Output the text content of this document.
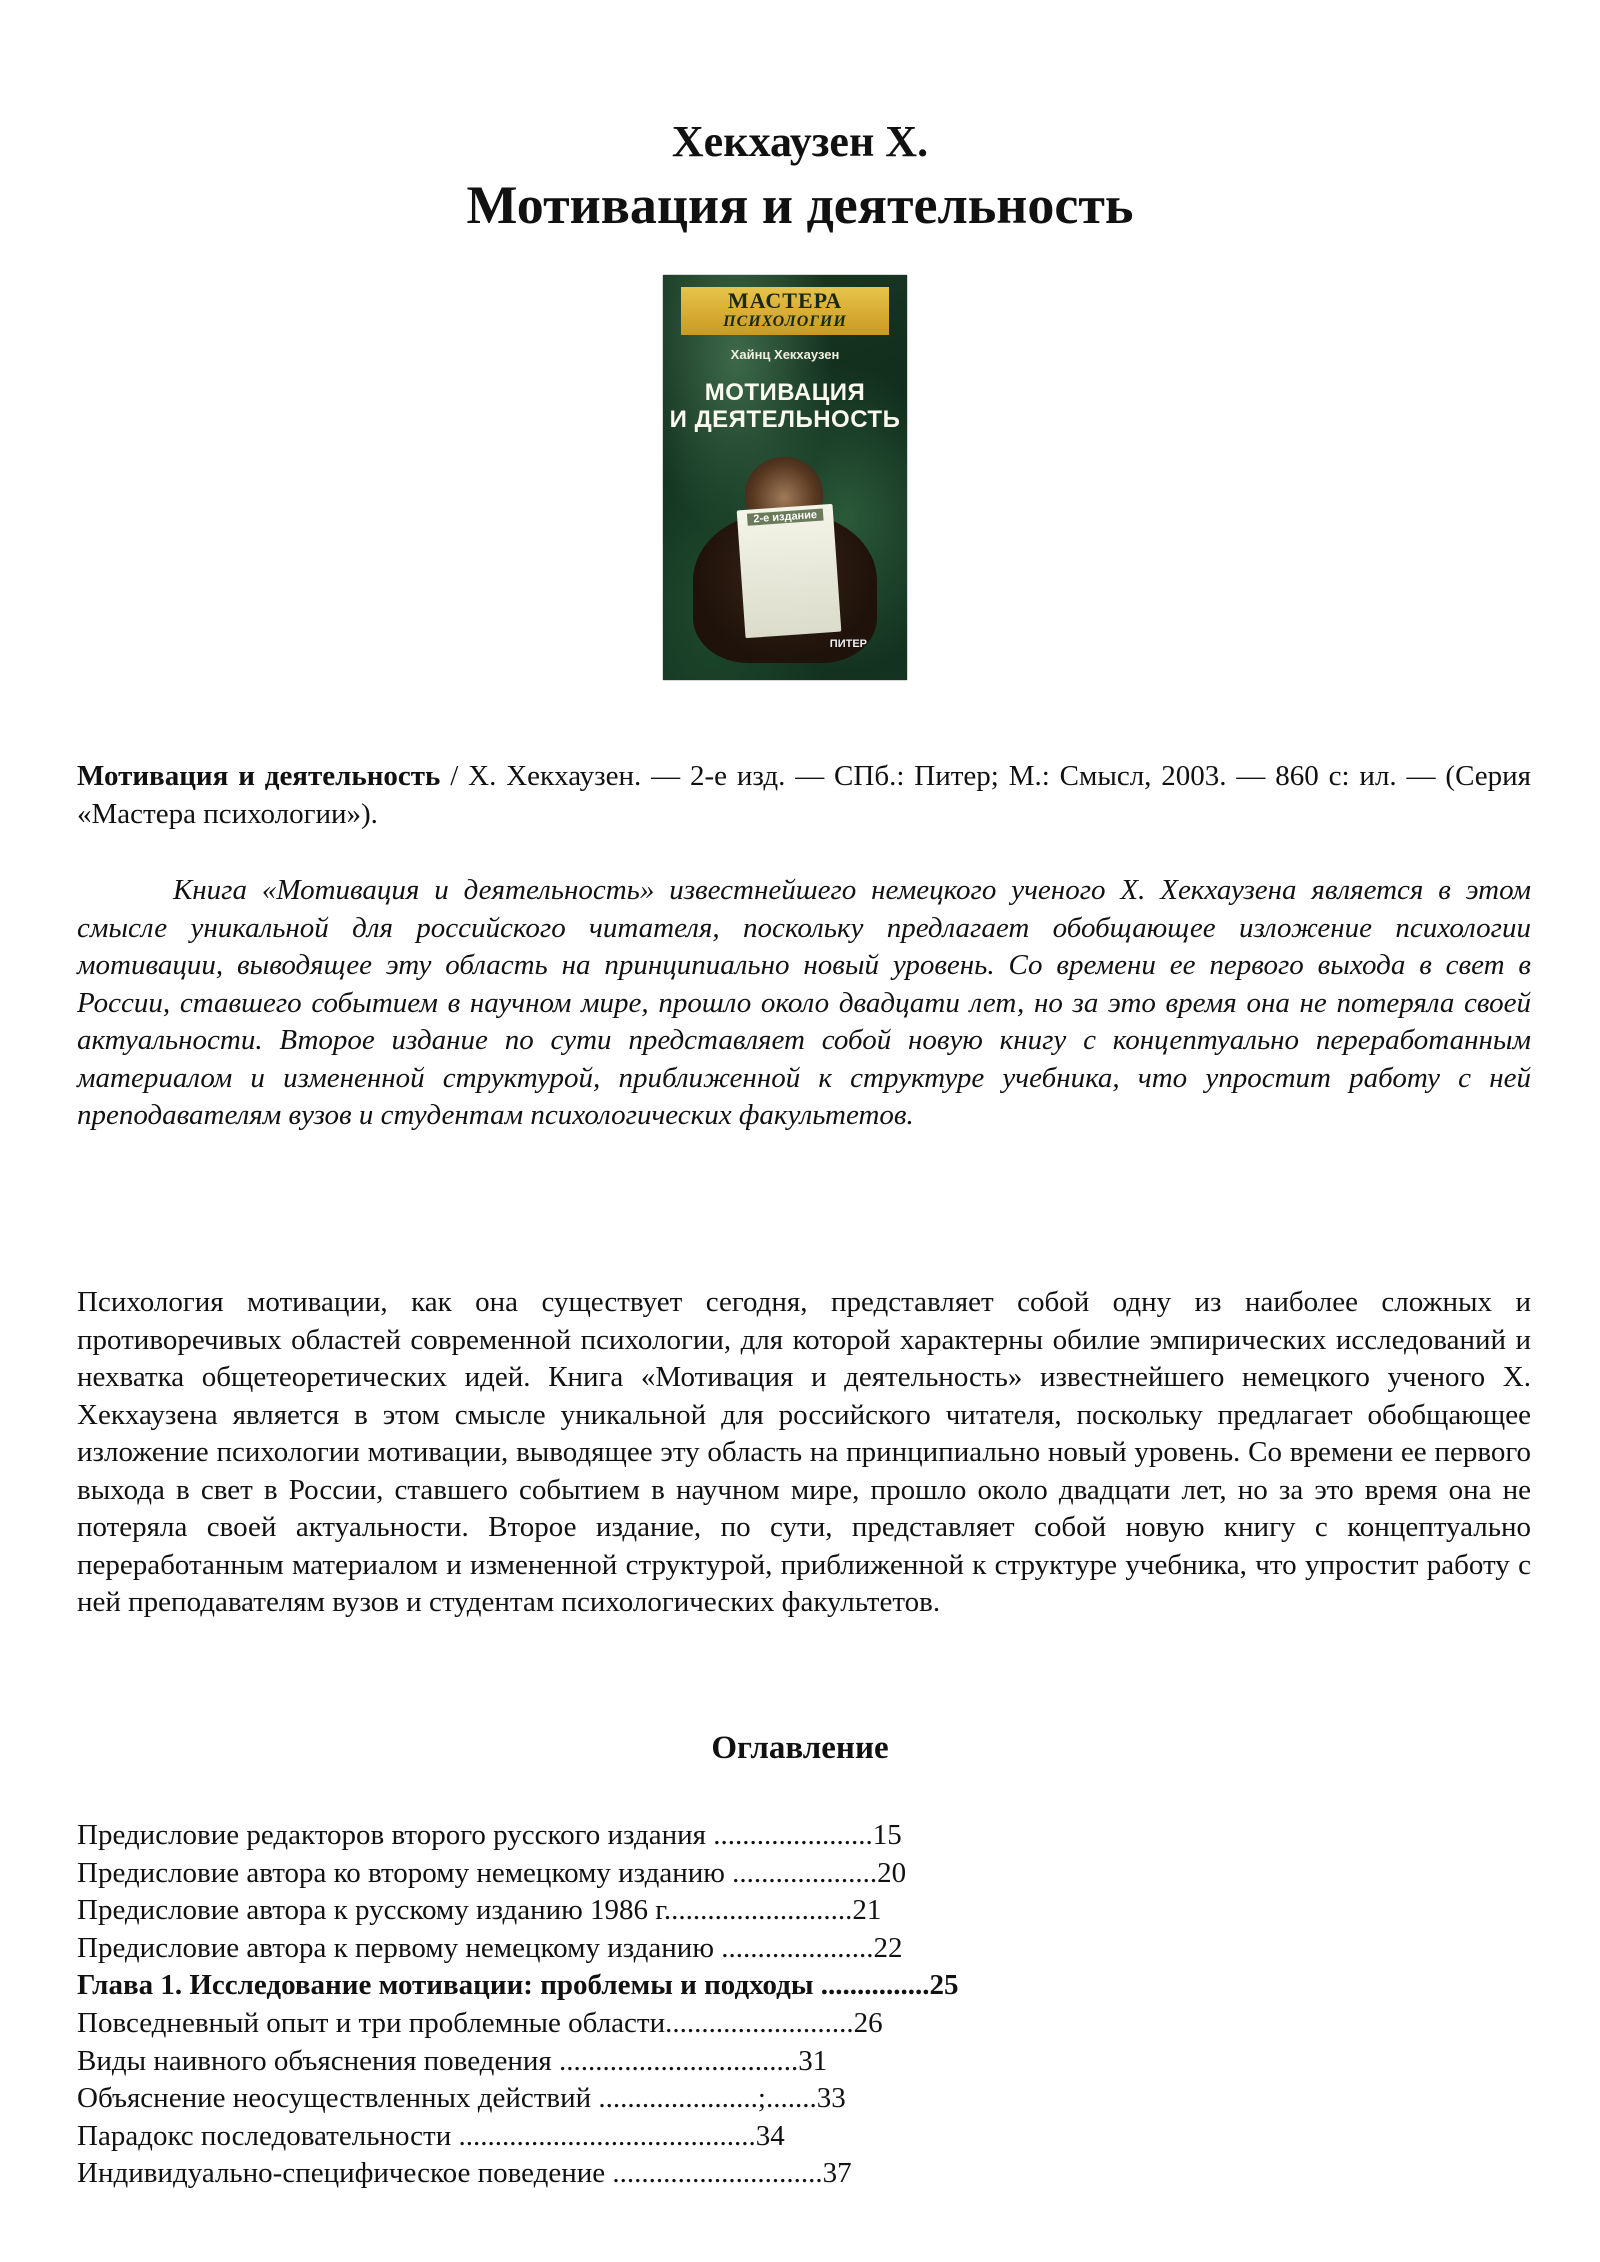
Хекхаузен Х.
Мотивация и деятельность
МАСТЕРА
ПСИХОЛОГИИ
Хайнц Хекхаузен
МОТИВАЦИЯ
И ДЕЯТЕЛЬНОСТЬ
2-е издание
ПИТЕР

Мотивация и деятельность / X. Хекхаузен. — 2-е изд. — СПб.: Питер; М.: Смысл, 2003. — 860 с: ил. — (Серия «Мастера психологии»).

Книга «Мотивация и деятельность» известнейшего немецкого ученого X. Хекхаузена является в этом смысле уникальной для российского читателя, поскольку предлагает обобщающее изложение психологии мотивации, выводящее эту область на принципиально новый уровень. Со времени ее первого выхода в свет в России, ставшего событием в научном мире, прошло около двадцати лет, но за это время она не потеряла своей актуальности. Второе издание по сути представляет собой новую книгу с концептуально переработанным материалом и измененной структурой, приближенной к структуре учебника, что упростит работу с ней преподавателям вузов и студентам психологических факультетов.

Психология мотивации, как она существует сегодня, представляет собой одну из наиболее сложных и противоречивых областей современной психологии, для которой характерны обилие эмпирических исследований и нехватка общетеоретических идей. Книга «Мотивация и деятельность» известнейшего немецкого ученого X. Хекхаузена является в этом смысле уникальной для российского читателя, поскольку предлагает обобщающее изложение психологии мотивации, выводящее эту область на принципиально новый уровень. Со времени ее первого выхода в свет в России, ставшего событием в научном мире, прошло около двадцати лет, но за это время она не потеряла своей актуальности. Второе издание, по сути, представляет собой новую книгу с концептуально переработанным материалом и измененной структурой, приближенной к структуре учебника, что упростит работу с ней преподавателям вузов и студентам психологических факультетов.

Оглавление
Предисловие редакторов второго русского издания ......................15
Предисловие автора ко второму немецкому изданию ....................20
Предисловие автора к русскому изданию 1986 г..........................21
Предисловие автора к первому немецкому изданию .....................22
Глава 1. Исследование мотивации: проблемы и подходы ...............25
Повседневный опыт и три проблемные области..........................26
Виды наивного объяснения поведения .................................31
Объяснение неосуществленных действий ......................;.......33
Парадокс последовательности .........................................34
Индивидуально-специфическое поведение .............................37
